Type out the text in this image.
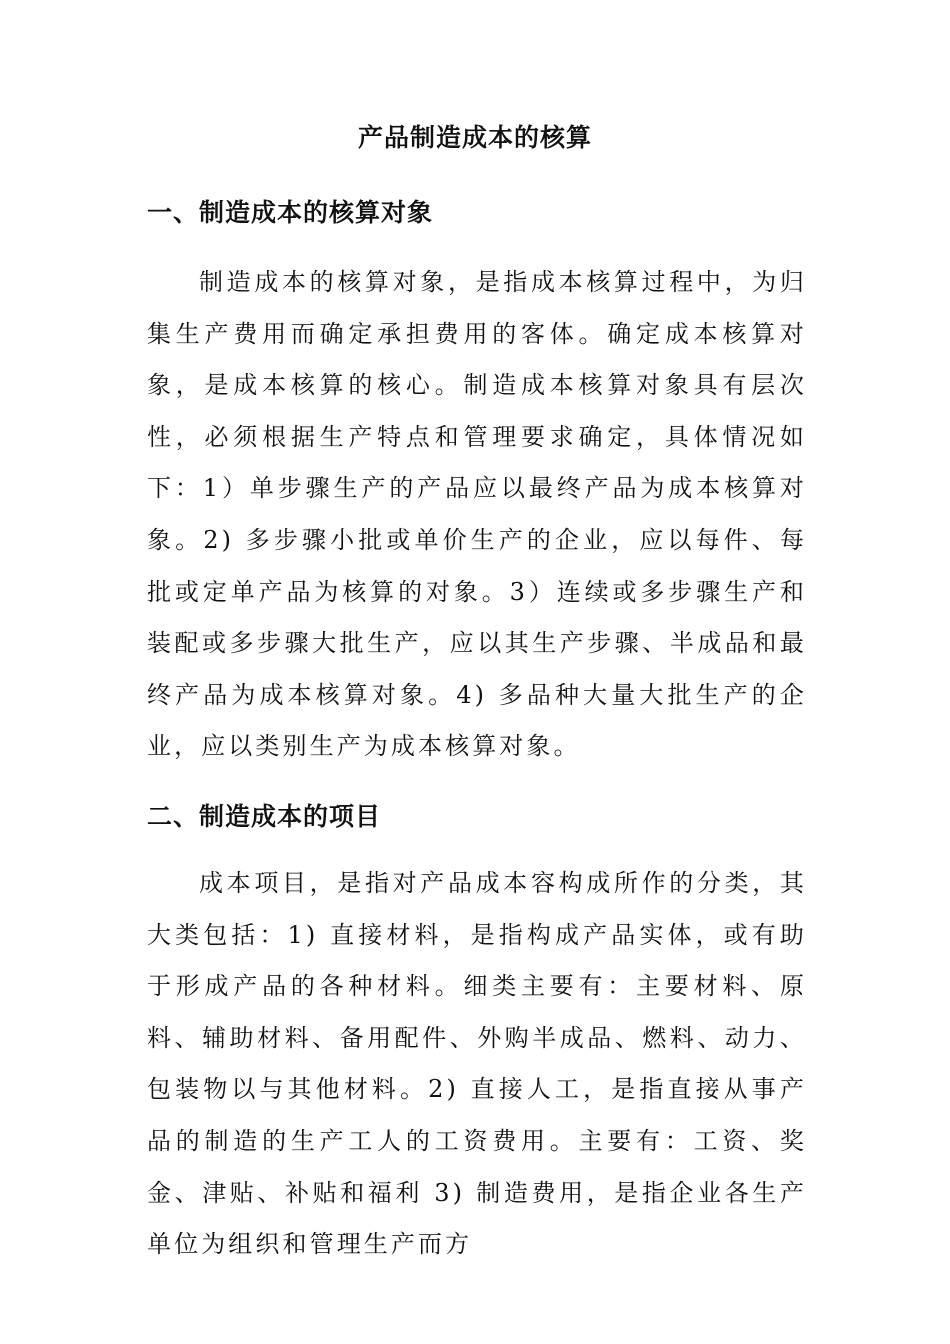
产品制造成本的核算
一、制造成本的核算对象

制造成本的核算对象，是指成本核算过程中，为归集生产费用而确定承担费用的客体。确定成本核算对象，是成本核算的核心。制造成本核算对象具有层次性，必须根据生产特点和管理要求确定，具体情况如下：1）单步骤生产的产品应以最终产品为成本核算对象。2) 多步骤小批或单价生产的企业，应以每件、每批或定单产品为核算的对象。3）连续或多步骤生产和装配或多步骤大批生产，应以其生产步骤、半成品和最终产品为成本核算对象。4) 多品种大量大批生产的企业，应以类别生产为成本核算对象。

二、制造成本的项目

成本项目，是指对产品成本容构成所作的分类，其大类包括：1) 直接材料，是指构成产品实体，或有助于形成产品的各种材料。细类主要有：主要材料、原料、辅助材料、备用配件、外购半成品、燃料、动力、包装物以与其他材料。2) 直接人工，是指直接从事产品的制造的生产工人的工资费用。主要有：工资、奖金、津贴、补贴和福利 3) 制造费用，是指企业各生产单位为组织和管理生产而方
